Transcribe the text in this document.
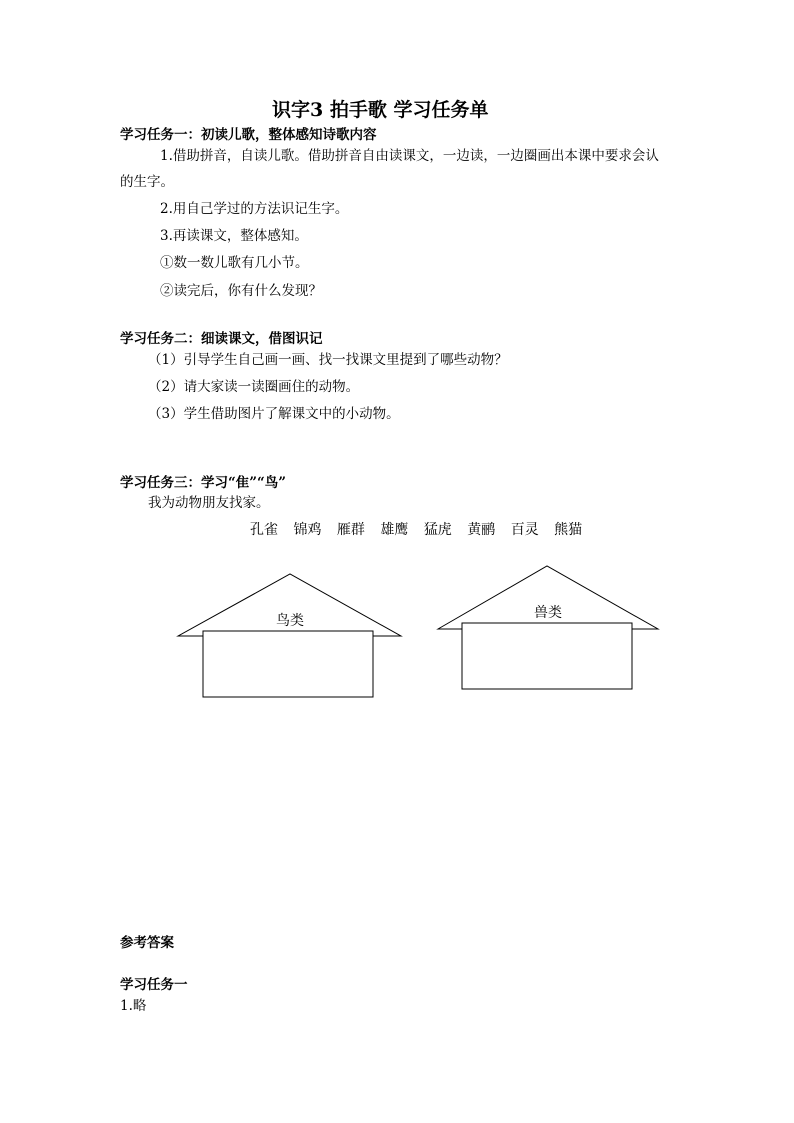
识字3 拍手歌 学习任务单
学习任务一：初读儿歌，整体感知诗歌内容
1.借助拼音，自读儿歌。借助拼音自由读课文，一边读，一边圈画出本课中要求会认
的生字。
2.用自己学过的方法识记生字。
3.再读课文，整体感知。
①数一数儿歌有几小节。
②读完后，你有什么发现？
学习任务二：细读课文，借图识记
（1）引导学生自己画一画、找一找课文里提到了哪些动物？
（2）请大家读一读圈画住的动物。
（3）学生借助图片了解课文中的小动物。
学习任务三：学习“隹”“鸟”
我为动物朋友找家。
孔雀 锦鸡 雁群 雄鹰 猛虎 黄鹂 百灵 熊猫
鸟类	兽类
参考答案
学习任务一
1.略
